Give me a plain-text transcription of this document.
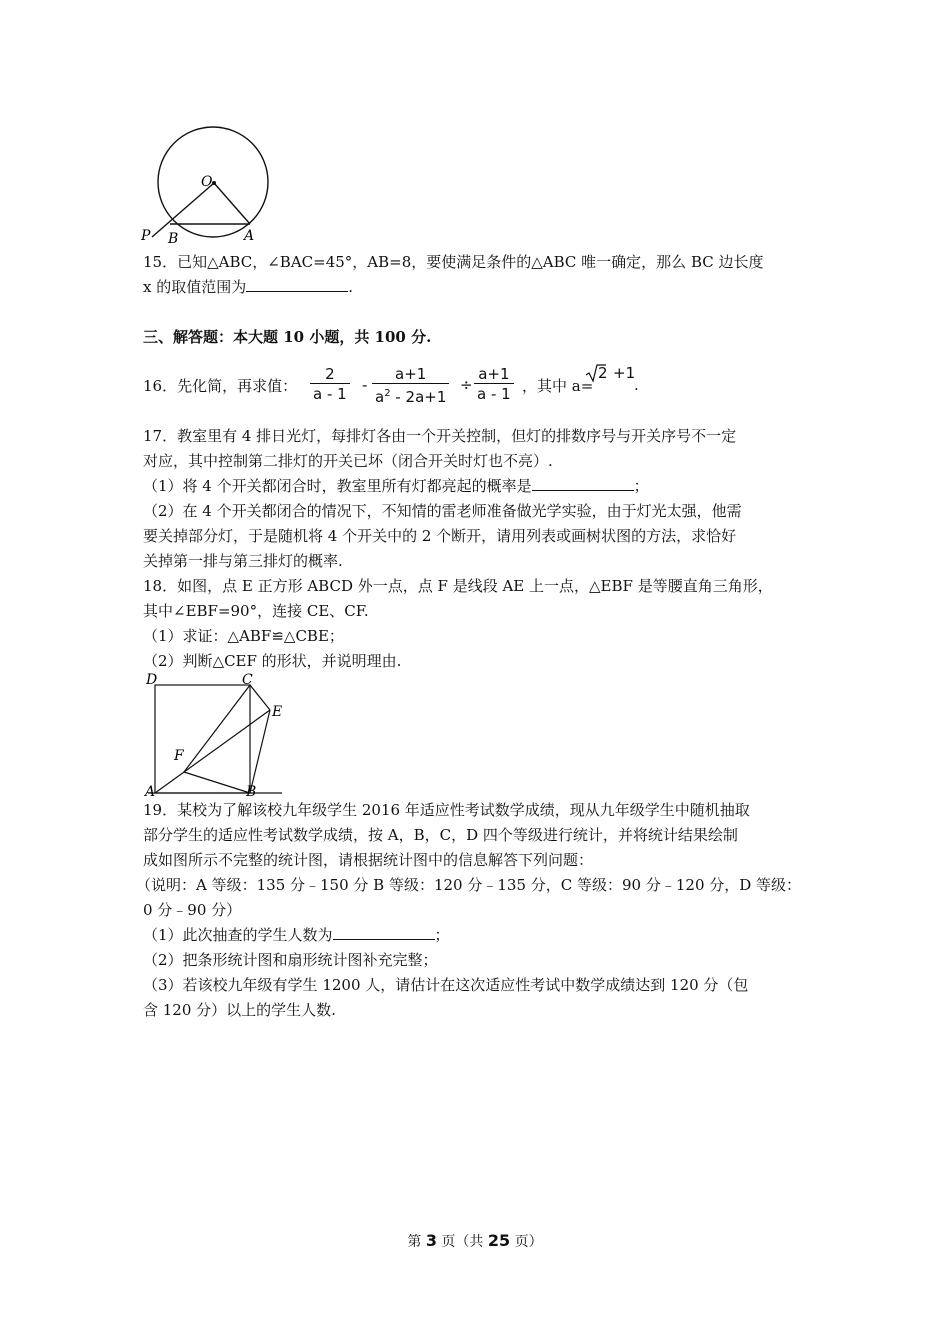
O
P B	A
15．已知△ABC，∠BAC=45°，AB=8，要使满足条件的△ABC 唯一确定，那么 BC 边长度
x 的取值范围为	.
三、解答题：本大题 10 小题，共 100 分.
16．先化简，再求值： $\frac{2}{a - 1} - \frac{a+1}{a^2 - 2a+1} \div \frac{a+1}{a - 1}$ ，其中 a=
2 +1
.
17．教室里有 4 排日光灯，每排灯各由一个开关控制，但灯的排数序号与开关序号不一定
对应，其中控制第二排灯的开关已坏（闭合开关时灯也不亮）.
（1）将 4 个开关都闭合时，教室里所有灯都亮起的概率是	；
（2）在 4 个开关都闭合的情况下，不知情的雷老师准备做光学实验，由于灯光太强，他需
要关掉部分灯，于是随机将 4 个开关中的 2 个断开，请用列表或画树状图的方法，求恰好
关掉第一排与第三排灯的概率.
18．如图，点 E 正方形 ABCD 外一点，点 F 是线段 AE 上一点，△EBF 是等腰直角三角形，
其中∠EBF=90°，连接 CE、CF.
（1）求证：△ABF≌△CBE；
（2）判断△CEF 的形状，并说明理由.
D	C
E
F
A	B
19．某校为了解该校九年级学生 2016 年适应性考试数学成绩，现从九年级学生中随机抽取
部分学生的适应性考试数学成绩，按 A，B，C，D 四个等级进行统计，并将统计结果绘制
成如图所示不完整的统计图，请根据统计图中的信息解答下列问题：
（说明：A 等级：135 分﹣150 分 B 等级：120 分﹣135 分，C 等级：90 分﹣120 分，D 等级：
0 分﹣90 分）
（1）此次抽查的学生人数为	；
（2）把条形统计图和扇形统计图补充完整；
（3）若该校九年级有学生 1200 人，请估计在这次适应性考试中数学成绩达到 120 分（包
含 120 分）以上的学生人数.
第 3 页（共 25 页）
